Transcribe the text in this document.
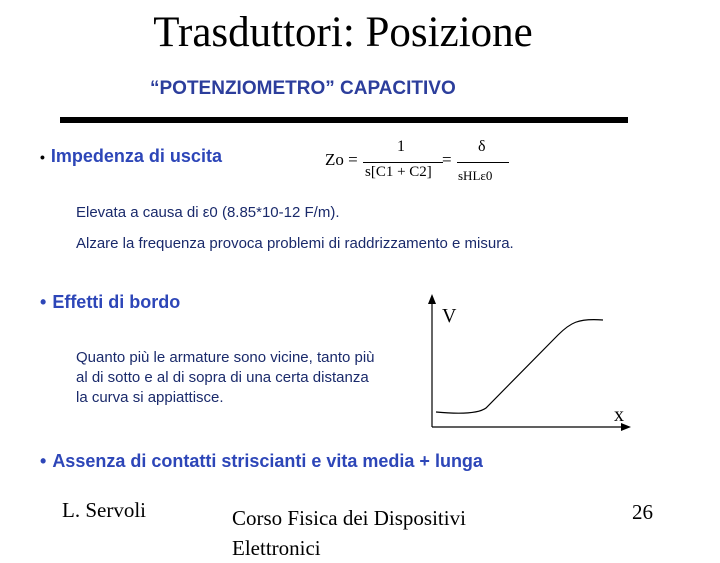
Trasduttori: Posizione
“POTENZIOMETRO” CAPACITIVO
• Impedenza di uscita	Zo =
1
s[C1 + C2]
=
δ
sHLε0
Elevata a causa di ε0 (8.85*10-12 F/m).
Alzare la frequenza provoca problemi di raddrizzamento e misura.
• Effetti di bordo
Quanto più le armature sono vicine, tanto più
al di sotto e al di sopra di una certa distanza
la curva si appiattisce.
V
x
• Assenza di contatti striscianti e vita media + lunga
L. Servoli	Corso Fisica dei Dispositivi Elettronici
26
